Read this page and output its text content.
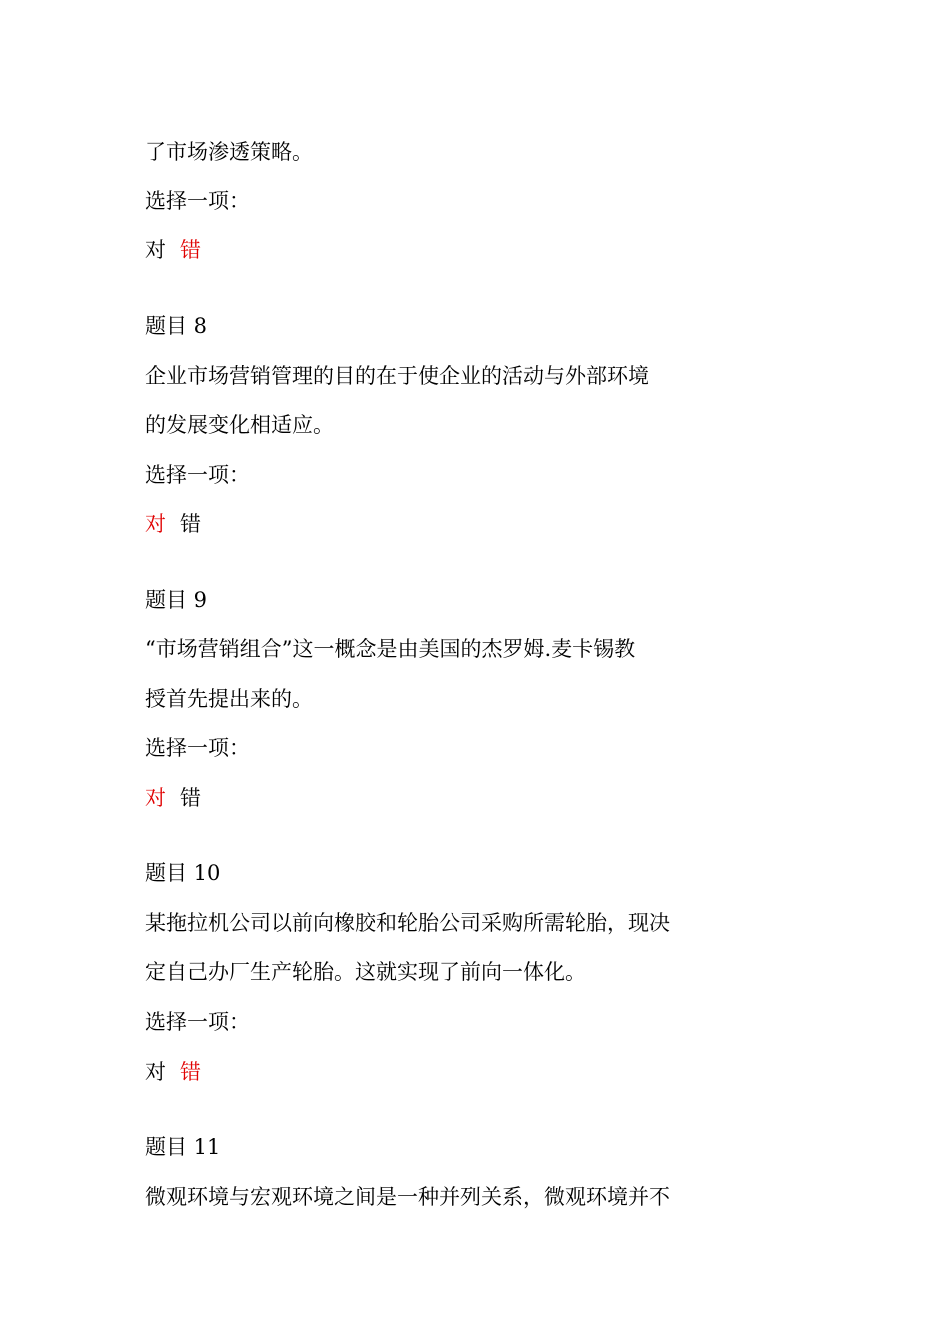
了市场渗透策略。
选择一项：
对 错
题目 8
企业市场营销管理的目的在于使企业的活动与外部环境
的发展变化相适应。
选择一项：
对 错
题目 9
“市场营销组合”这一概念是由美国的杰罗姆.麦卡锡教
授首先提出来的。
选择一项：
对 错
题目 10
某拖拉机公司以前向橡胶和轮胎公司采购所需轮胎，现决
定自己办厂生产轮胎。这就实现了前向一体化。
选择一项：
对 错
题目 11
微观环境与宏观环境之间是一种并列关系，微观环境并不
